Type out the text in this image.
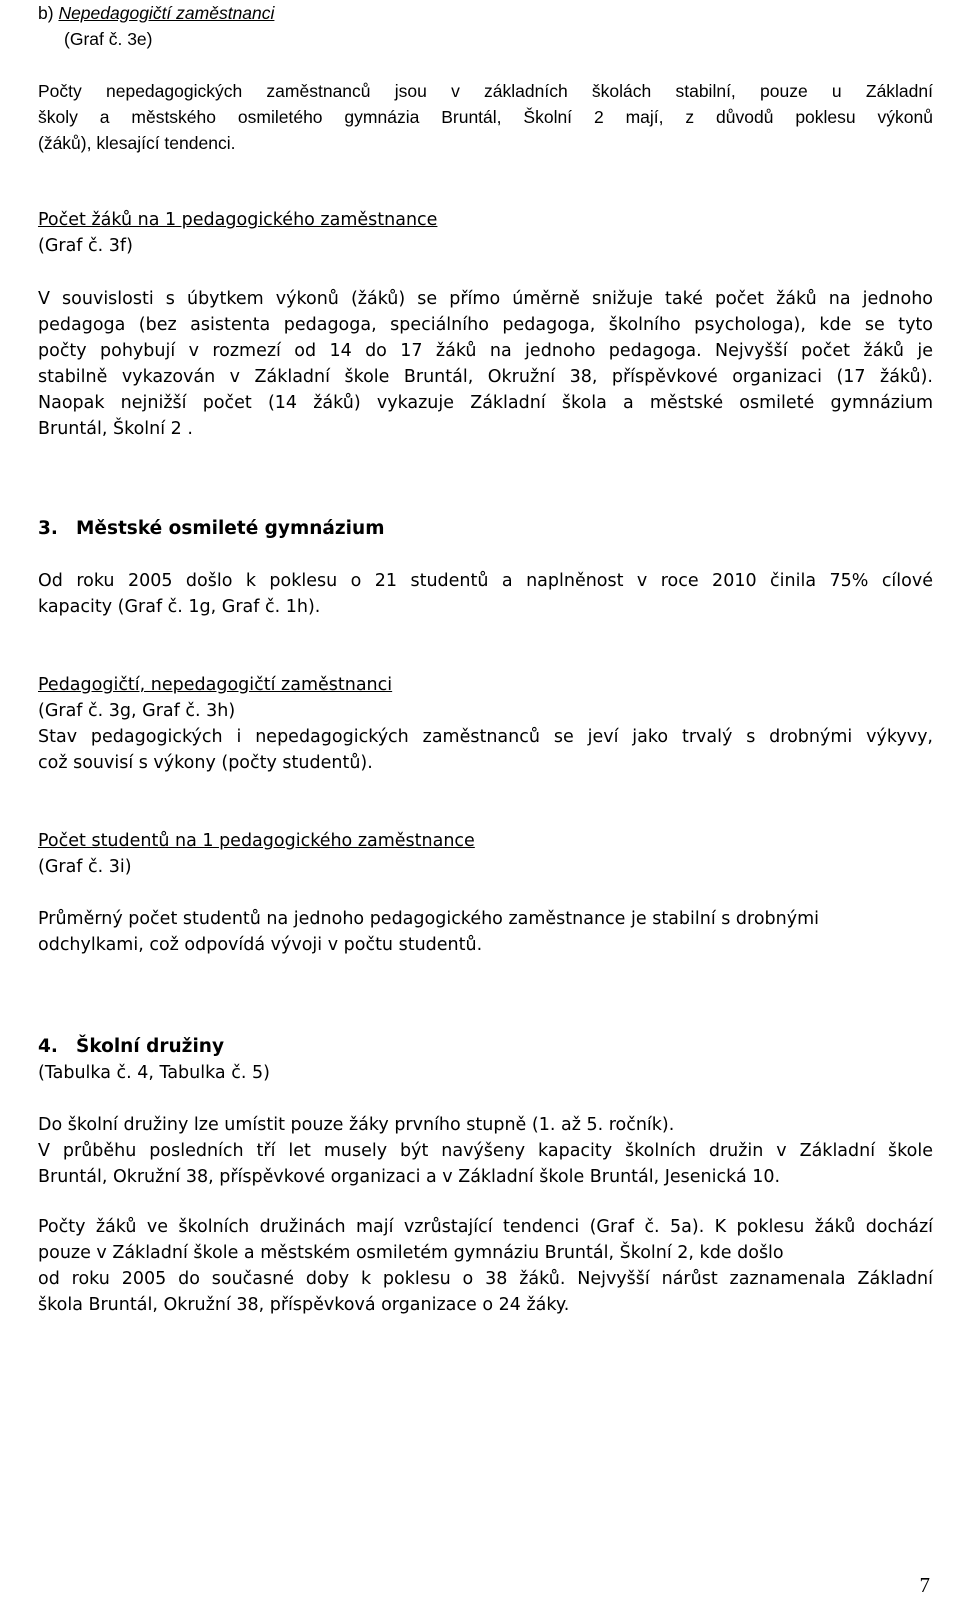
b) Nepedagogičtí zaměstnanci
(Graf č. 3e)
Počty nepedagogických zaměstnanců jsou v základních školách stabilní, pouze u Základní
školy a městského osmiletého gymnázia Bruntál, Školní 2 mají, z důvodů poklesu výkonů
(žáků), klesající tendenci.
Počet žáků na 1 pedagogického zaměstnance
(Graf č. 3f)
V souvislosti s úbytkem výkonů (žáků) se přímo úměrně snižuje také počet žáků na jednoho
pedagoga (bez asistenta pedagoga, speciálního pedagoga, školního psychologa), kde se tyto
počty pohybují v rozmezí od 14 do 17 žáků na jednoho pedagoga. Nejvyšší počet žáků je
stabilně vykazován v Základní škole Bruntál, Okružní 38, příspěvkové organizaci (17 žáků).
Naopak nejnižší počet (14 žáků) vykazuje Základní škola a městské osmileté gymnázium
Bruntál, Školní 2 .
3. Městské osmileté gymnázium
Od roku 2005 došlo k poklesu o 21 studentů a naplněnost v roce 2010 činila 75% cílové
kapacity (Graf č. 1g, Graf č. 1h).
Pedagogičtí, nepedagogičtí zaměstnanci
(Graf č. 3g, Graf č. 3h)
Stav pedagogických i nepedagogických zaměstnanců se jeví jako trvalý s drobnými výkyvy,
což souvisí s výkony (počty studentů).
Počet studentů na 1 pedagogického zaměstnance
(Graf č. 3i)
Průměrný počet studentů na jednoho pedagogického zaměstnance je stabilní s drobnými
odchylkami, což odpovídá vývoji v počtu studentů.
4. Školní družiny
(Tabulka č. 4, Tabulka č. 5)
Do školní družiny lze umístit pouze žáky prvního stupně (1. až 5. ročník).
V průběhu posledních tří let musely být navýšeny kapacity školních družin v Základní škole
Bruntál, Okružní 38, příspěvkové organizaci a v Základní škole Bruntál, Jesenická 10.
Počty žáků ve školních družinách mají vzrůstající tendenci (Graf č. 5a). K poklesu žáků dochází
pouze v Základní škole a městském osmiletém gymnáziu Bruntál, Školní 2, kde došlo
od roku 2005 do současné doby k poklesu o 38 žáků. Nejvyšší nárůst zaznamenala Základní
škola Bruntál, Okružní 38, příspěvková organizace o 24 žáky.
7
